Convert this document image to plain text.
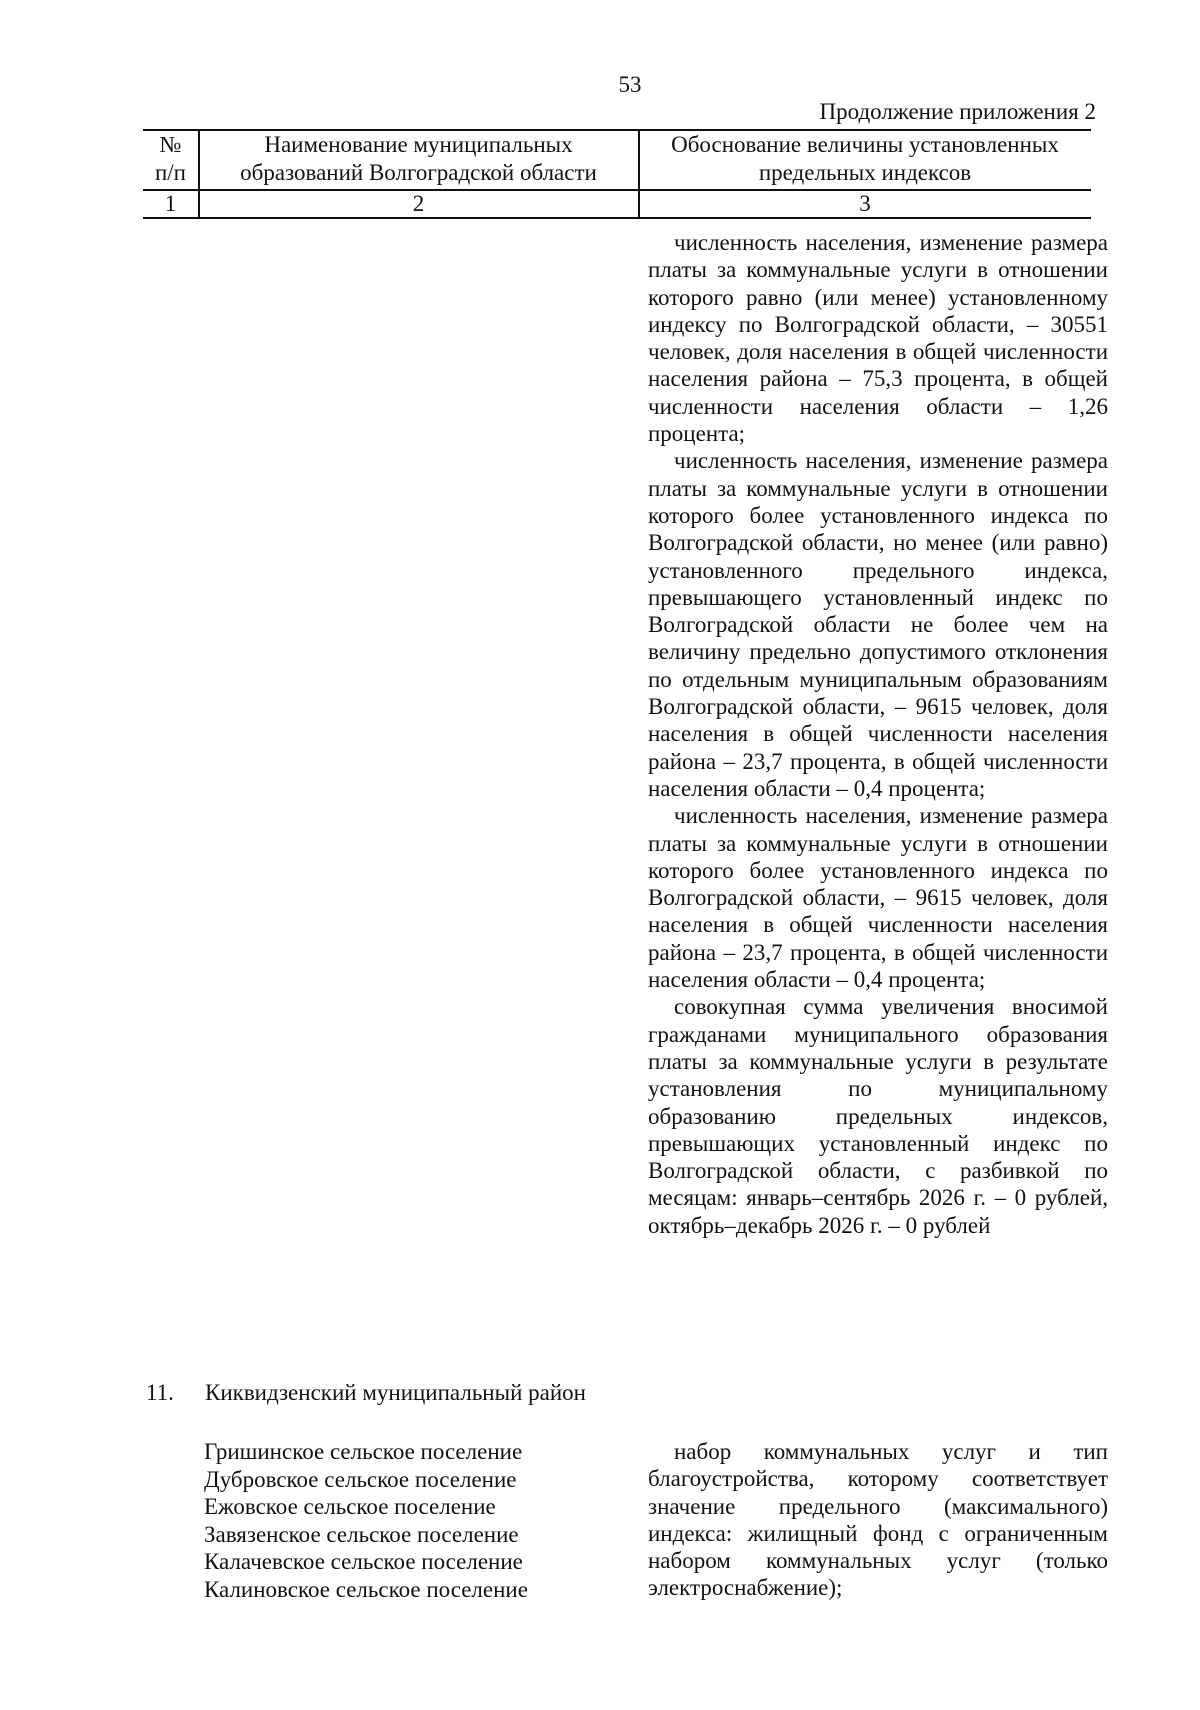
53
Продолжение приложения 2
№
п/п
Наименование муниципальных
образований Волгоградской области
Обоснование величины установленных
предельных индексов
1	2	3

численность населения, изменение размера платы за коммунальные услуги в отношении которого равно (или менее) установленному индексу по Волгоградской области, – 30551 человек, доля населения в общей численности населения района – 75,3 процента, в общей численности населения области – 1,26 процента;

численность населения, изменение размера платы за коммунальные услуги в отношении которого более установленного индекса по Волгоградской области, но менее (или равно) установленного предельного индекса, превышающего установленный индекс по Волгоградской области не более чем на величину предельно допустимого отклонения по отдельным муниципальным образованиям Волгоградской области, – 9615 человек, доля населения в общей численности населения района – 23,7 процента, в общей численности населения области – 0,4 процента;

численность населения, изменение размера платы за коммунальные услуги в отношении которого более установленного индекса по Волгоградской области, – 9615 человек, доля населения в общей численности населения района – 23,7 процента, в общей численности населения области – 0,4 процента;

совокупная сумма увеличения вносимой гражданами муниципального образования платы за коммунальные услуги в результате установления по муниципальному образованию предельных индексов, превышающих установленный индекс по Волгоградской области, с разбивкой по месяцам: январь–сентябрь 2026 г. – 0 рублей, октябрь–декабрь 2026 г. – 0 рублей

11. Киквидзенский муниципальный район
Гришинское сельское поселение
Дубровское сельское поселение
Ежовское сельское поселение
Завязенское сельское поселение
Калачевское сельское поселение
Калиновское сельское поселение

набор коммунальных услуг и тип благоустройства, которому соответствует значение предельного (максимального) индекса: жилищный фонд с ограниченным набором коммунальных услуг (только электроснабжение);
